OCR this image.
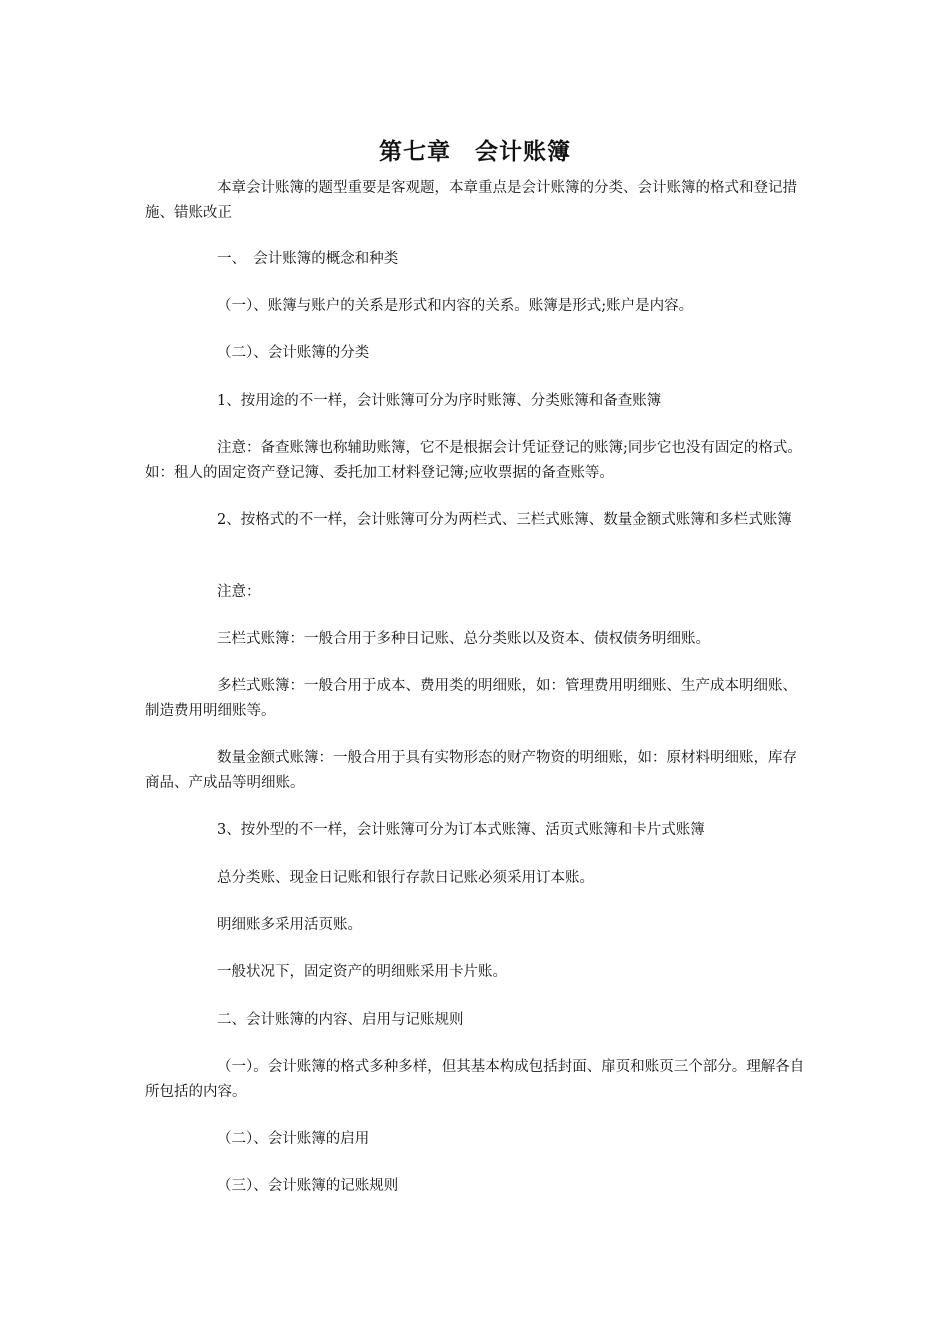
第七章　会计账簿

本章会计账簿的题型重要是客观题，本章重点是会计账簿的分类、会计账簿的格式和登记措施、错账改正

一、　会计账簿的概念和种类

（一）、账簿与账户的关系是形式和内容的关系。账簿是形式;账户是内容。

（二）、会计账簿的分类

1、按用途的不一样，会计账簿可分为序时账簿、分类账簿和备查账簿

注意：备查账簿也称辅助账簿，它不是根据会计凭证登记的账簿;同步它也没有固定的格式。如：租人的固定资产登记簿、委托加工材料登记簿;应收票据的备查账等。

2、按格式的不一样，会计账簿可分为两栏式、三栏式账簿、数量金额式账簿和多栏式账簿

注意：

三栏式账簿：一般合用于多种日记账、总分类账以及资本、债权债务明细账。

多栏式账簿：一般合用于成本、费用类的明细账，如：管理费用明细账、生产成本明细账、制造费用明细账等。

数量金额式账簿：一般合用于具有实物形态的财产物资的明细账，如：原材料明细账，库存商品、产成品等明细账。

3、按外型的不一样，会计账簿可分为订本式账簿、活页式账簿和卡片式账簿

总分类账、现金日记账和银行存款日记账必须采用订本账。

明细账多采用活页账。

一般状况下，固定资产的明细账采用卡片账。

二、会计账簿的内容、启用与记账规则

（一）。会计账簿的格式多种多样，但其基本构成包括封面、扉页和账页三个部分。理解各自所包括的内容。

（二）、会计账簿的启用

（三）、会计账簿的记账规则
